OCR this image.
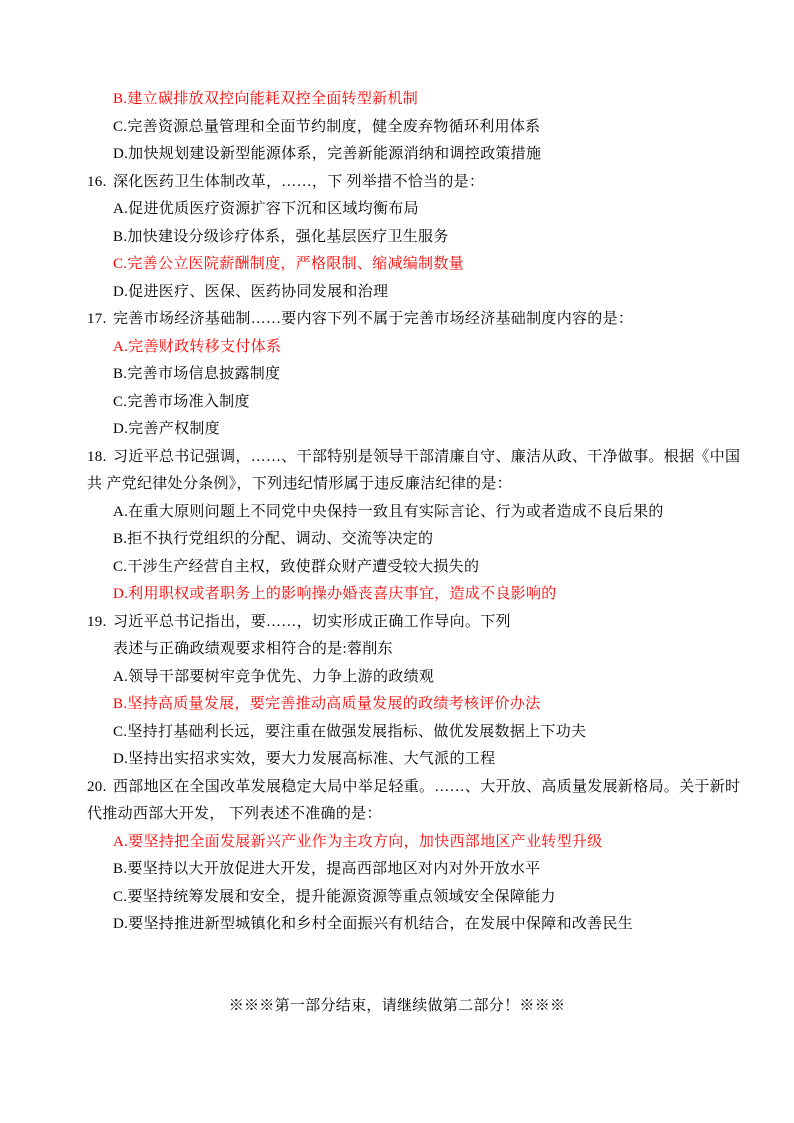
B.建立碳排放双控向能耗双控全面转型新机制
C.完善资源总量管理和全面节约制度，健全废弃物循环利用体系
D.加快规划建设新型能源体系，完善新能源消纳和调控政策措施
16. 深化医药卫生体制改革，……，下 列举措不恰当的是：
A.促进优质医疗资源扩容下沉和区域均衡布局
B.加快建设分级诊疗体系，强化基层医疗卫生服务
C.完善公立医院薪酬制度，严格限制、缩减编制数量
D.促进医疗、医保、医药协同发展和治理
17. 完善市场经济基础制……要内容下列不属于完善市场经济基础制度内容的是：
A.完善财政转移支付体系
B.完善市场信息披露制度
C.完善市场准入制度
D.完善产权制度
18. 习近平总书记强调，……、干部特别是领导干部清廉自守、廉洁从政、干净做事。根据《中国
共 产党纪律处分条例》，下列违纪情形属于违反廉洁纪律的是：
A.在重大原则问题上不同党中央保持一致且有实际言论、行为或者造成不良后果的
B.拒不执行党组织的分配、调动、交流等决定的
C.干涉生产经营自主权，致使群众财产遭受较大损失的
D.利用职权或者职务上的影响操办婚丧喜庆事宜，造成不良影响的
19. 习近平总书记指出，要……，切实形成正确工作导向。下列
表述与正确政绩观要求相符合的是:蓉削东
A.领导干部要树牢竞争优先、力争上游的政绩观
B.坚持高质量发展，要完善推动高质量发展的政绩考核评价办法
C.坚持打基础利长远，要注重在做强发展指标、做优发展数据上下功夫
D.坚持出实招求实效，要大力发展高标准、大气派的工程
20. 西部地区在全国改革发展稳定大局中举足轻重。……、大开放、高质量发展新格局。关于新时
代推动西部大开发， 下列表述不准确的是：
A.要坚持把全面发展新兴产业作为主攻方向，加快西部地区产业转型升级
B.要坚持以大开放促进大开发，提高西部地区对内对外开放水平
C.要坚持统筹发展和安全，提升能源资源等重点领域安全保障能力
D.要坚持推进新型城镇化和乡村全面振兴有机结合，在发展中保障和改善民生
※※※第一部分结束，请继续做第二部分！※※※
